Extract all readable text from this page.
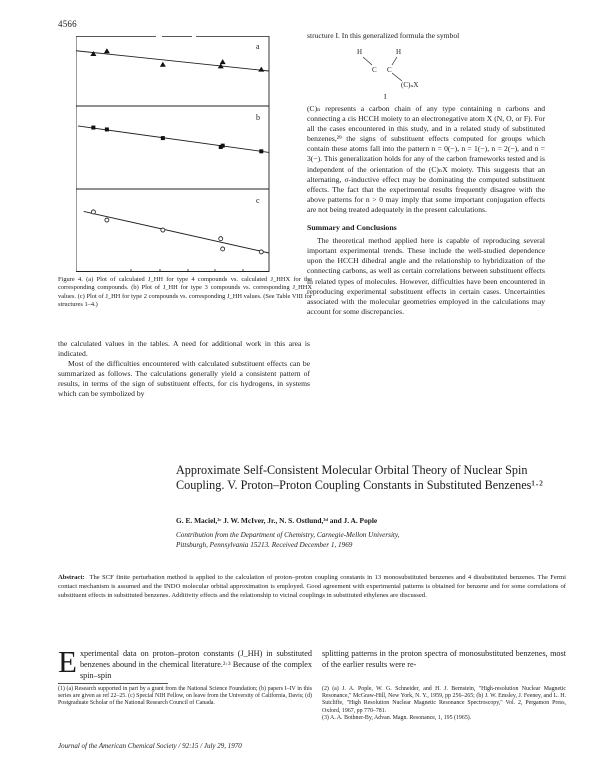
4566
a
b
c
Figure 4. (a) Plot of calculated J_HH for type 4 compounds vs. calculated J_HHX for the corresponding compounds. (b) Plot of J_HH for type 3 compounds vs. corresponding J_HHX values. (c) Plot of J_HH for type 2 compounds vs. corresponding J_HH values. (See Table VIII for structures 1–4.)

the calculated values in the tables. A need for additional work in this area is indicated.

Most of the difficulties encountered with calculated substituent effects can be summarized as follows. The calculations generally yield a consistent pattern of results, in terms of the sign of substituent effects, for cis hydrogens, in systems which can be symbolized by

structure I. In this generalized formula the symbol
H	H
C C
(C)ₙX
I

(C)ₙ represents a carbon chain of any type containing n carbons and connecting a cis HCCH moiety to an electronegative atom X (N, O, or F). For all the cases encountered in this study, and in a related study of substituted benzenes,²⁹ the signs of substituent effects computed for groups which contain these atoms fall into the pattern n = 0(−), n = 1(−), n = 2(−), and n = 3(−). This generalization holds for any of the carbon frameworks tested and is independent of the orientation of the (C)ₙX moiety. This suggests that an alternating, σ-inductive effect may be dominating the computed substituent effects. The fact that the experimental results frequently disagree with the above patterns for n > 0 may imply that some important conjugation effects are not being treated adequately in the present calculations.

Summary and Conclusions

The theoretical method applied here is capable of reproducing several important experimental trends. These include the well-studied dependence upon the HCCH dihedral angle and the relationship to hybridization of the connecting carbons, as well as certain correlations between substituent effects in related types of molecules. However, difficulties have been encountered in reproducing experimental substituent effects in certain cases. Uncertainties associated with the molecular geometries employed in the calculations may account for some discrepancies.

Approximate Self-Consistent Molecular Orbital Theory of Nuclear Spin Coupling. V. Proton–Proton Coupling Constants in Substituted Benzenes¹·²
G. E. Maciel,³ᶜ J. W. McIver, Jr., N. S. Ostlund,³ᵈ and J. A. Pople
Contribution from the Department of Chemistry, Carnegie-Mellon University,
Pittsburgh, Pennsylvania 15213. Received December 1, 1969
Abstract: The SCF finite perturbation method is applied to the calculation of proton–proton coupling constants in 13 monosubstituted benzenes and 4 disubstituted benzenes. The Fermi contact mechanism is assumed and the INDO molecular orbital approximation is employed. Good agreement with experimental patterns is obtained for benzene and for some correlations of substituent effects in substituted benzenes. Additivity effects and the relationship to vicinal couplings in substituted ethylenes are discussed.
Experimental data on proton–proton constants (J_HH) in substituted benzenes abound in the chemical literature.²·³ Because of the complex spin–spin
splitting patterns in the proton spectra of monosubstituted benzenes, most of the earlier results were re-
(1) (a) Research supported in part by a grant from the National Science Foundation; (b) papers I–IV in this series are given as ref 22–25. (c) Special NIH Fellow, on leave from the University of California, Davis; (d) Postgraduate Scholar of the National Research Council of Canada.
(2) (a) J. A. Pople, W. G. Schneider, and H. J. Bernstein, "High-resolution Nuclear Magnetic Resonance," McGraw-Hill, New York, N. Y., 1959, pp 256–265; (b) J. W. Emsley, J. Feeney, and L. H. Sutcliffe, "High Resolution Nuclear Magnetic Resonance Spectroscopy," Vol. 2, Pergamon Press, Oxford, 1967, pp 770–781.
(3) A. A. Bothner-By, Advan. Magn. Resonance, 1, 195 (1965).
Journal of the American Chemical Society / 92:15 / July 29, 1970
